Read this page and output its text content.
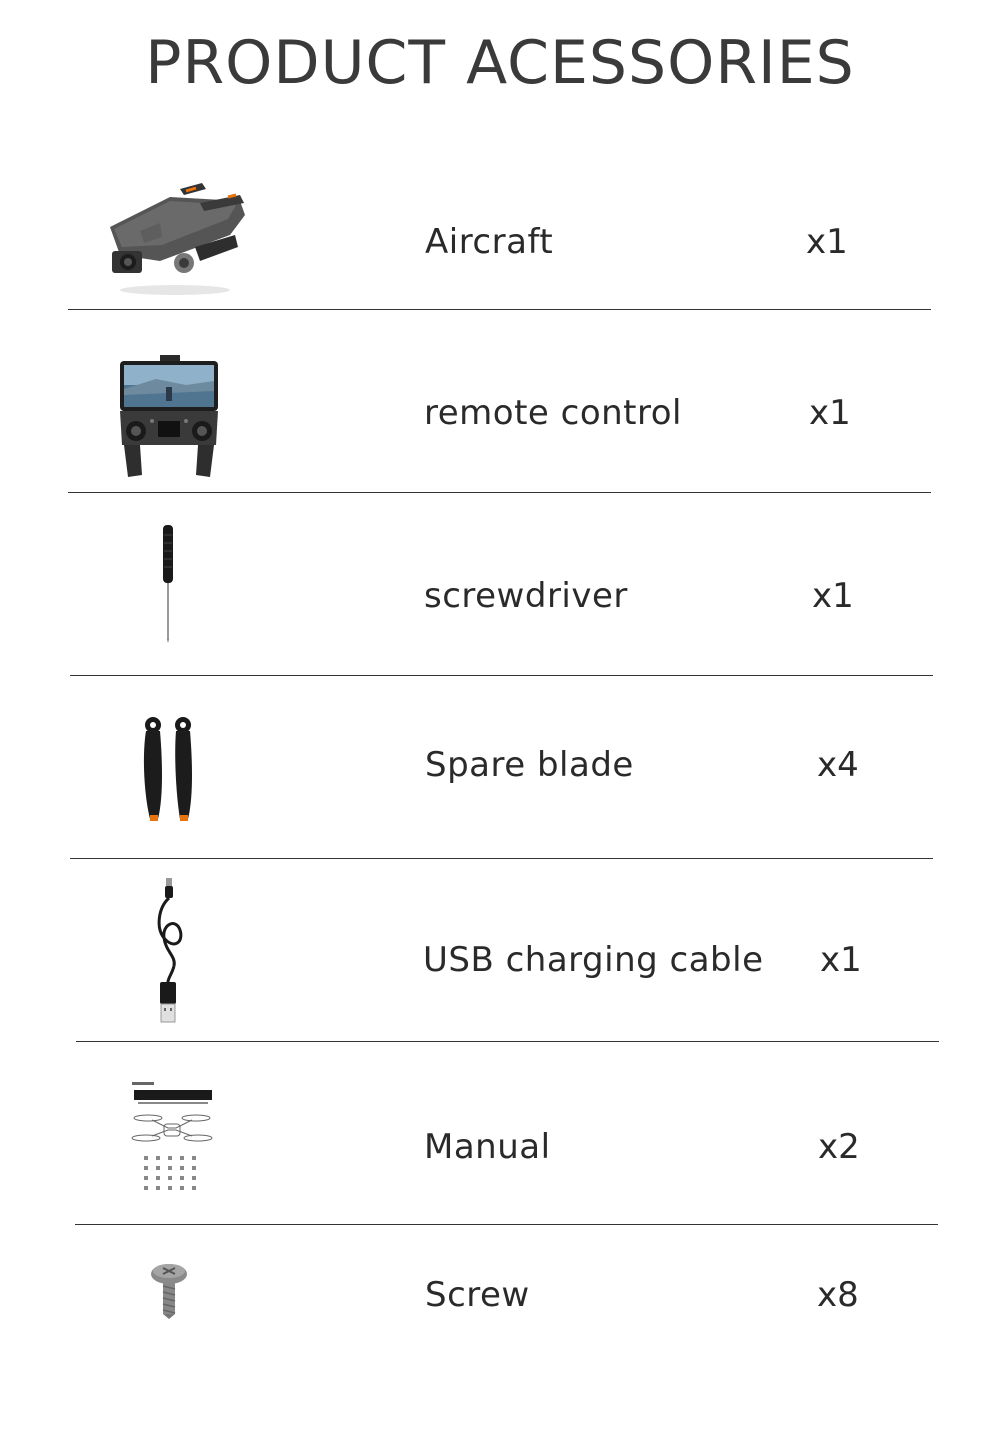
PRODUCT ACESSORIES
Aircraft	x1
remote control	x1
screwdriver	x1
Spare blade	x4
USB charging cable x1
Manual	x2
Screw	x8
